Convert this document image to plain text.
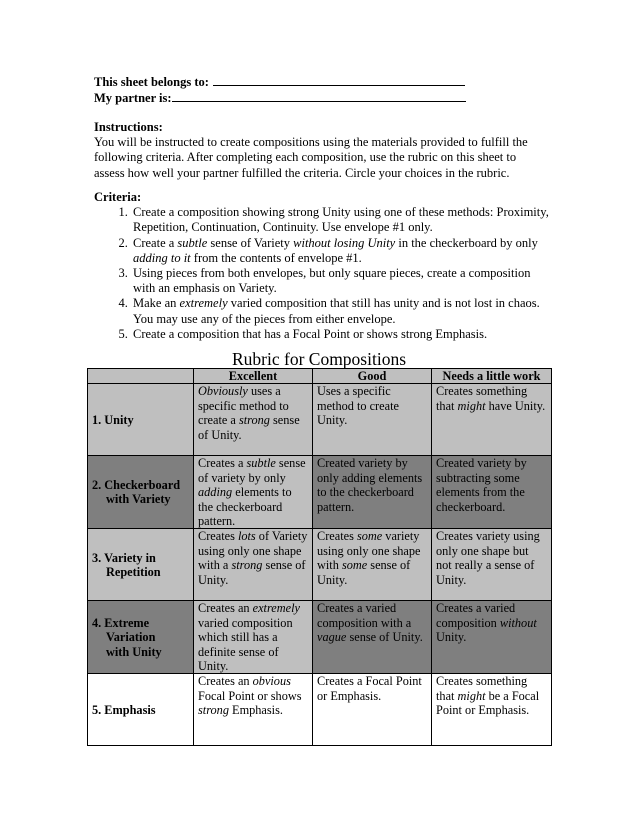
This sheet belongs to:
My partner is:
Instructions:
You will be instructed to create compositions using the materials provided to fulfill the following criteria. After completing each composition, use the rubric on this sheet to assess how well your partner fulfilled the criteria. Circle your choices in the rubric.
Criteria:
1. Create a composition showing strong Unity using one of these methods: Proximity, Repetition, Continuation, Continuity. Use envelope #1 only.
2. Create a subtle sense of Variety without losing Unity in the checkerboard by only adding to it from the contents of envelope #1.
3. Using pieces from both envelopes, but only square pieces, create a composition with an emphasis on Variety.
4. Make an extremely varied composition that still has unity and is not lost in chaos. You may use any of the pieces from either envelope.
5. Create a composition that has a Focal Point or shows strong Emphasis.
Rubric for Compositions
	Excellent	Good	Needs a little work

1. Unity	Obviously uses a specific method to create a strong sense of Unity.	Uses a specific method to create Unity.	Creates something that might have Unity.

2. Checkerboard
with Variety	Creates a subtle sense of variety by only adding elements to the checkerboard pattern.	Created variety by only adding elements to the checkerboard pattern.	Created variety by subtracting some elements from the checkerboard.

3. Variety in
Repetition	Creates lots of Variety using only one shape with a strong sense of Unity.	Creates some variety using only one shape with some sense of Unity.	Creates variety using only one shape but not really a sense of Unity.

4. Extreme
Variation
with Unity	Creates an extremely varied composition which still has a definite sense of Unity.	Creates a varied composition with a vague sense of Unity.	Creates a varied composition without Unity.

5. Emphasis	Creates an obvious Focal Point or shows strong Emphasis.	Creates a Focal Point or Emphasis.	Creates something that might be a Focal Point or Emphasis.
